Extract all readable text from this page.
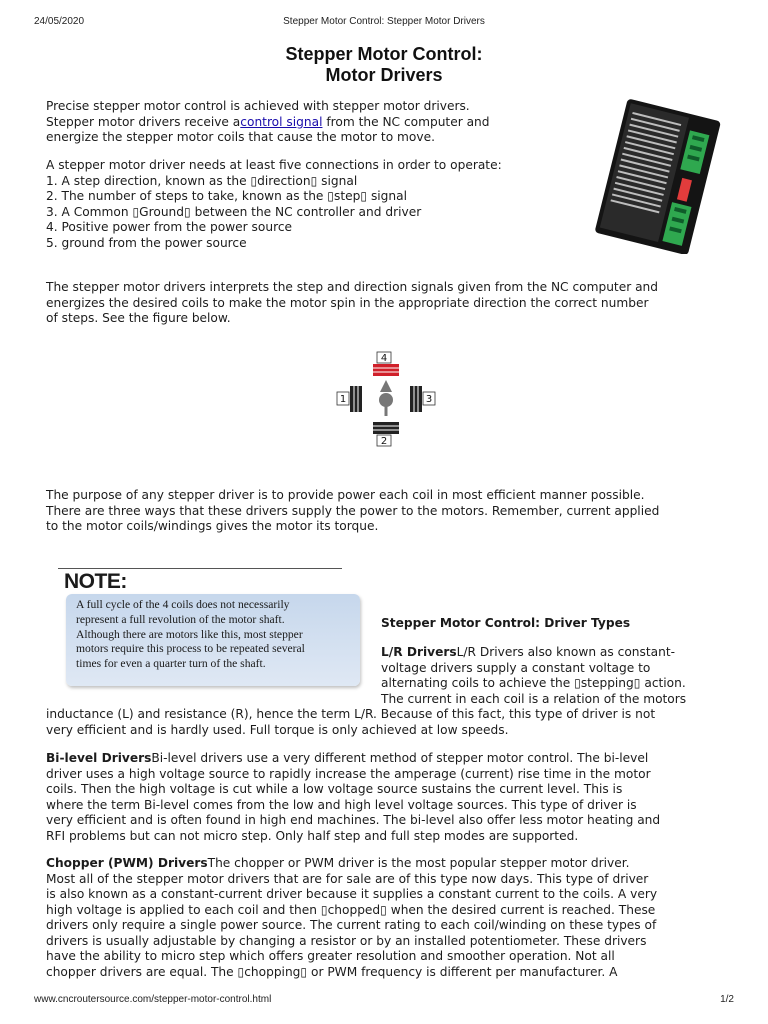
24/05/2020	Stepper Motor Control: Stepper Motor Drivers
Stepper Motor Control:
Motor Drivers
Precise stepper motor control is achieved with stepper motor drivers.
Stepper motor drivers receive acontrol signal from the NC computer and
energize the stepper motor coils that cause the motor to move.
A stepper motor driver needs at least five connections in order to operate:
1. A step direction, known as the ▯direction▯ signal
2. The number of steps to take, known as the ▯step▯ signal
3. A Common ▯Ground▯ between the NC controller and driver
4. Positive power from the power source
5. ground from the power source
The stepper motor drivers interprets the step and direction signals given from the NC computer and
energizes the desired coils to make the motor spin in the appropriate direction the correct number
of steps. See the figure below.
4
2
1	3
The purpose of any stepper driver is to provide power each coil in most efficient manner possible.
There are three ways that these drivers supply the power to the motors. Remember, current applied
to the motor coils/windings gives the motor its torque.
NOTE:
A full cycle of the 4 coils does not necessarily
represent a full revolution of the motor shaft.
Although there are motors like this, most stepper
motors require this process to be repeated several
times for even a quarter turn of the shaft.
Stepper Motor Control: Driver Types
L/R DriversL/R Drivers also known as constant-
voltage drivers supply a constant voltage to
alternating coils to achieve the ▯stepping▯ action.
The current in each coil is a relation of the motors
inductance (L) and resistance (R), hence the term L/R. Because of this fact, this type of driver is not
very efficient and is hardly used. Full torque is only achieved at low speeds.
Bi-level DriversBi-level drivers use a very different method of stepper motor control. The bi-level
driver uses a high voltage source to rapidly increase the amperage (current) rise time in the motor
coils. Then the high voltage is cut while a low voltage source sustains the current level. This is
where the term Bi-level comes from the low and high level voltage sources. This type of driver is
very efficient and is often found in high end machines. The bi-level also offer less motor heating and
RFI problems but can not micro step. Only half step and full step modes are supported.
Chopper (PWM) DriversThe chopper or PWM driver is the most popular stepper motor driver.
Most all of the stepper motor drivers that are for sale are of this type now days. This type of driver
is also known as a constant-current driver because it supplies a constant current to the coils. A very
high voltage is applied to each coil and then ▯chopped▯ when the desired current is reached. These
drivers only require a single power source. The current rating to each coil/winding on these types of
drivers is usually adjustable by changing a resistor or by an installed potentiometer. These drivers
have the ability to micro step which offers greater resolution and smoother operation. Not all
chopper drivers are equal. The ▯chopping▯ or PWM frequency is different per manufacturer. A
www.cncroutersource.com/stepper-motor-control.html	1/2
